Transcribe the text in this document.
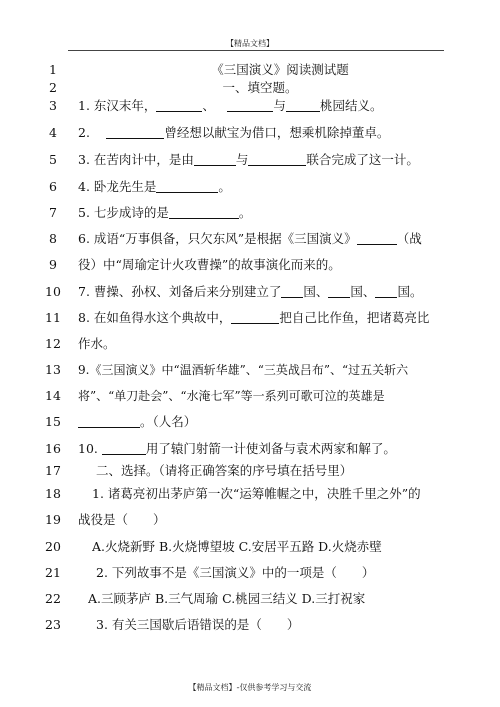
【精品文档】
1	《三国演义》阅读测试题
2	一、填空题。
3	1. 东汉末年，	、 	与	桃园结义。
4	2.  	曾经想以献宝为借口，想乘机除掉董卓。
5	3. 在苦肉计中，是由	与	联合完成了这一计。
6	4. 卧龙先生是	。
7	5. 七步成诗的是	。
8	6. 成语“万事俱备，只欠东风”是根据《三国演义》	（战
9	役）中“周瑜定计火攻曹操”的故事演化而来的。
10	7. 曹操、孙权、刘备后来分别建立了 国、 国、 国。
11	8. 在如鱼得水这个典故中，	把自己比作鱼，把诸葛亮比
12	作水。
13	9.《三国演义》中“温酒斩华雄”、“三英战吕布”、“过五关斩六
14	将”、“单刀赴会”、“水淹七军”等一系列可歌可泣的英雄是
15	。（人名）
16	10.	用了辕门射箭一计使刘备与袁术两家和解了。
17	二、选择。（请将正确答案的序号填在括号里）
18	1. 诸葛亮初出茅庐第一次“运筹帷幄之中，决胜千里之外”的
19	战役是（　　）
20	A.火烧新野 B.火烧博望坡 C.安居平五路 D.火烧赤壁
21	2. 下列故事不是《三国演义》中的一项是（　　）
22	A.三顾茅庐 B.三气周瑜 C.桃园三结义 D.三打祝家
23	3. 有关三国歇后语错误的是（　　）
【精品文档】-仅供参考学习与交流
